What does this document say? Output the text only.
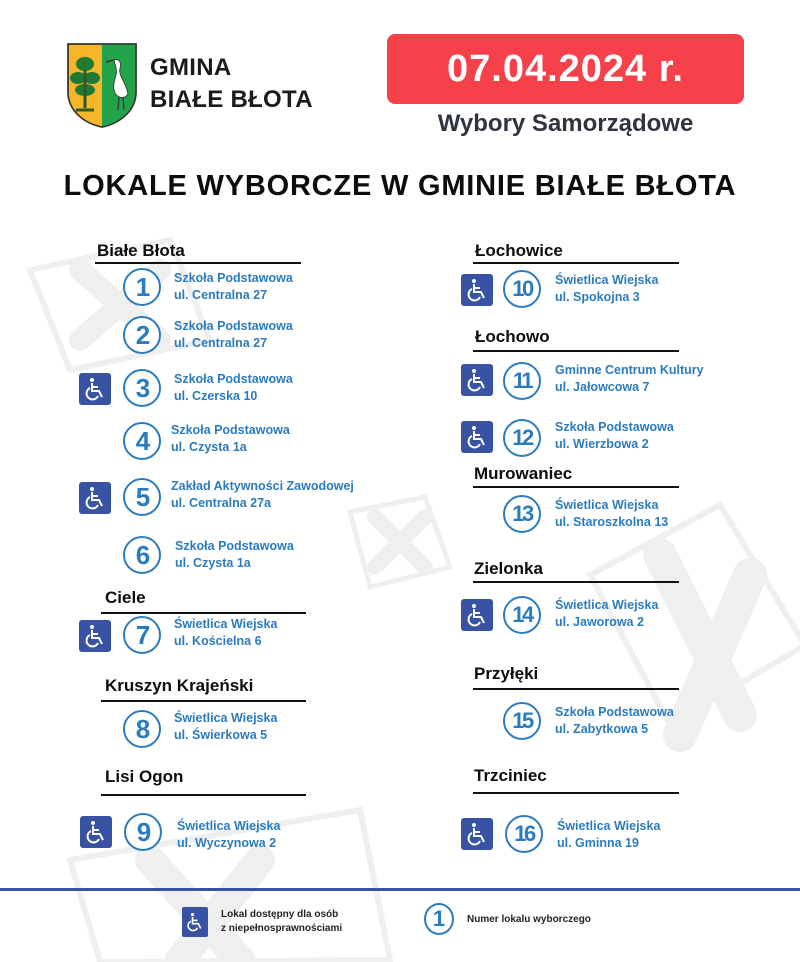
GMINA
BIAŁE BŁOTA
07.04.2024 r.
Wybory Samorządowe
LOKALE WYBORCZE W GMINIE BIAŁE BŁOTA
Białe Błota
1	Szkoła Podstawowa
ul. Centralna 27
2	Szkoła Podstawowa
ul. Centralna 27
3	Szkoła Podstawowa
ul. Czerska 10
4	Szkoła Podstawowa
ul. Czysta 1a
5	Zakład Aktywności Zawodowej
ul. Centralna 27a
6	Szkoła Podstawowa
ul. Czysta 1a
Ciele
7	Świetlica Wiejska
ul. Kościelna 6
Kruszyn Krajeński
8	Świetlica Wiejska
ul. Świerkowa 5
Lisi Ogon
9	Świetlica Wiejska
ul. Wyczynowa 2
Łochowice
10	Świetlica Wiejska
ul. Spokojna 3
Łochowo
11	Gminne Centrum Kultury
ul. Jałowcowa 7
12	Szkoła Podstawowa
ul. Wierzbowa 2
Murowaniec
13	Świetlica Wiejska
ul. Staroszkolna 13
Zielonka
14	Świetlica Wiejska
ul. Jaworowa 2
Przyłęki
15	Szkoła Podstawowa
ul. Zabytkowa 5
Trzciniec
16	Świetlica Wiejska
ul. Gminna 19
Lokal dostępny dla osób
z niepełnosprawnościami	1	Numer lokalu wyborczego
